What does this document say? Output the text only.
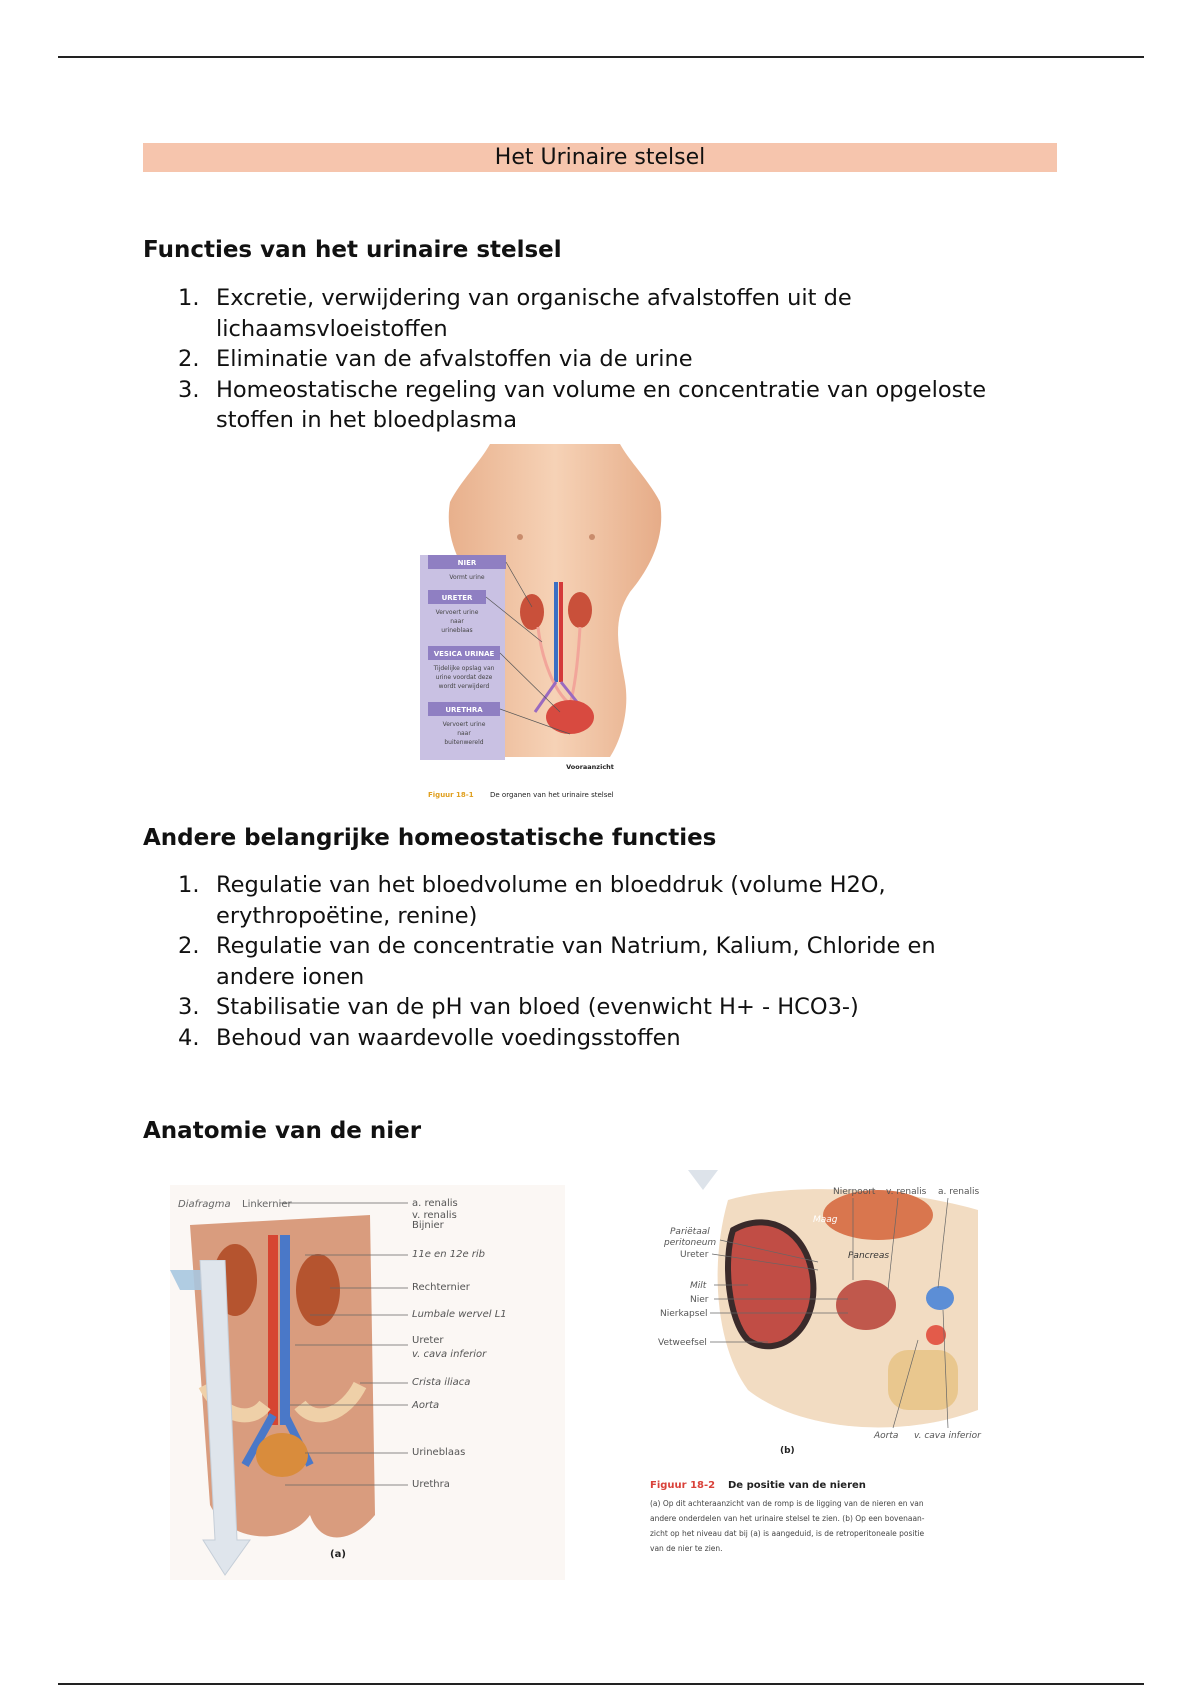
Het Urinaire stelsel
Functies van het urinaire stelsel
1. Excretie, verwijdering van organische afvalstoffen uit de
lichaamsvloeistoffen
2. Eliminatie van de afvalstoffen via de urine
3. Homeostatische regeling van volume en concentratie van opgeloste
stoffen in het bloedplasma
NIER
Vormt urine
URETER
Vervoert urine
naar
urineblaas
VESICA URINAE
Tijdelijke opslag van
urine voordat deze
wordt verwijderd
URETHRA
Vervoert urine
naar
buitenwereld
Vooraanzicht
Figuur 18-1 De organen van het urinaire stelsel
Andere belangrijke homeostatische functies
1. Regulatie van het bloedvolume en bloeddruk (volume H2O,
erythropoëtine, renine)
2. Regulatie van de concentratie van Natrium, Kalium, Chloride en
andere ionen
3. Stabilisatie van de pH van bloed (evenwicht H+ - HCO3-)
4. Behoud van waardevolle voedingsstoffen
Anatomie van de nier
Diafragma Linkernier	a. renalis
v. renalis
Bijnier
11e en 12e rib
Rechternier
Lumbale wervel L1
Ureter
v. cava inferior
Crista iliaca
Aorta
Urineblaas
Urethra
(a)
Nierpoort v. renalis a. renalis
Pariëtaal
peritoneum
Ureter
Milt
Nier
Nierkapsel
Vetweefsel
Maag
Pancreas
Aorta v. cava inferior
(b)
Figuur 18-2 De positie van de nieren
(a) Op dit achteraanzicht van de romp is de ligging van de nieren en van
andere onderdelen van het urinaire stelsel te zien. (b) Op een bovenaan-
zicht op het niveau dat bij (a) is aangeduid, is de retroperitoneale positie
van de nier te zien.
